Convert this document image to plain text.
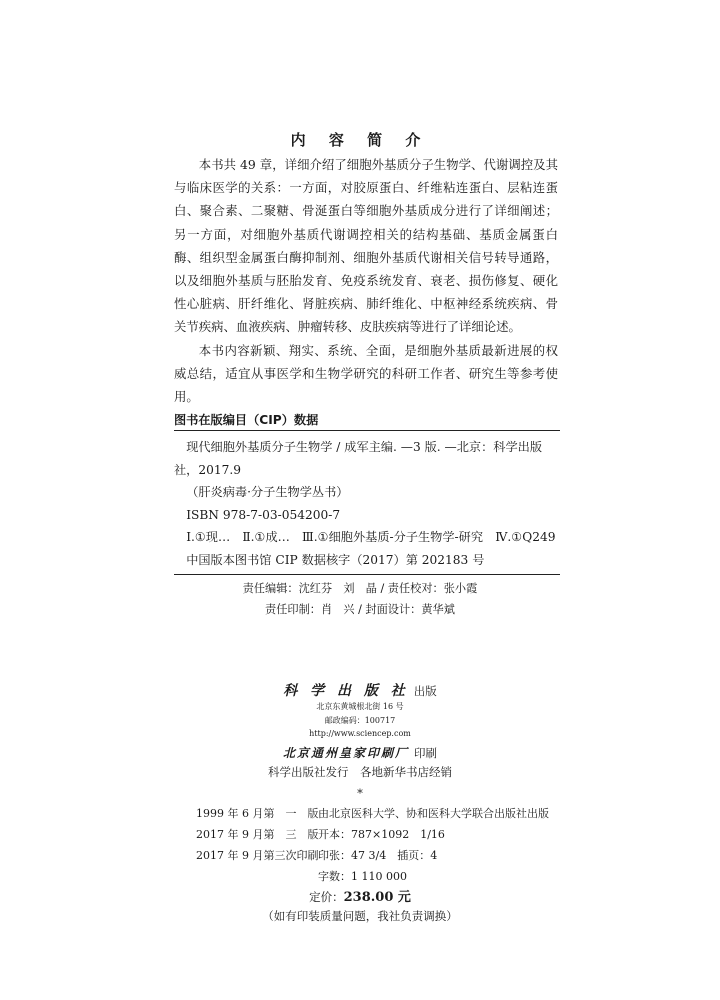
内 容 简 介

本书共 49 章，详细介绍了细胞外基质分子生物学、代谢调控及其与临床医学的关系：一方面，对胶原蛋白、纤维粘连蛋白、层粘连蛋白、聚合素、二聚糖、骨涎蛋白等细胞外基质成分进行了详细阐述；另一方面，对细胞外基质代谢调控相关的结构基础、基质金属蛋白酶、组织型金属蛋白酶抑制剂、细胞外基质代谢相关信号转导通路，以及细胞外基质与胚胎发育、免疫系统发育、衰老、损伤修复、硬化性心脏病、肝纤维化、肾脏疾病、肺纤维化、中枢神经系统疾病、骨关节疾病、血液疾病、肿瘤转移、皮肤疾病等进行了详细论述。

本书内容新颖、翔实、系统、全面，是细胞外基质最新进展的权威总结，适宜从事医学和生物学研究的科研工作者、研究生等参考使用。

图书在版编目（CIP）数据
现代细胞外基质分子生物学 / 成军主编. —3 版. —北京：科学出版
社，2017.9
（肝炎病毒·分子生物学丛书）
ISBN 978-7-03-054200-7
Ⅰ.①现…　Ⅱ.①成…　Ⅲ.①细胞外基质-分子生物学-研究　Ⅳ.①Q249
中国版本图书馆 CIP 数据核字（2017）第 202183 号
责任编辑：沈红芬　刘　晶 / 责任校对：张小霞
责任印制：肖　兴 / 封面设计：黄华斌
科 学 出 版 社 出版
北京东黄城根北街 16 号
邮政编码：100717
http://www.sciencep.com
北京通州皇家印刷厂 印刷
科学出版社发行　各地新华书店经销
*
1999 年 6 月第　一　版由北京医科大学、协和医科大学联合出版社出版
2017 年 9 月第　三　版开本：787×1092　1/16
2017 年 9 月第三次印刷印张：47 3/4　插页：4
字数：1 110 000
定价：238.00 元
（如有印装质量问题，我社负责调换）
